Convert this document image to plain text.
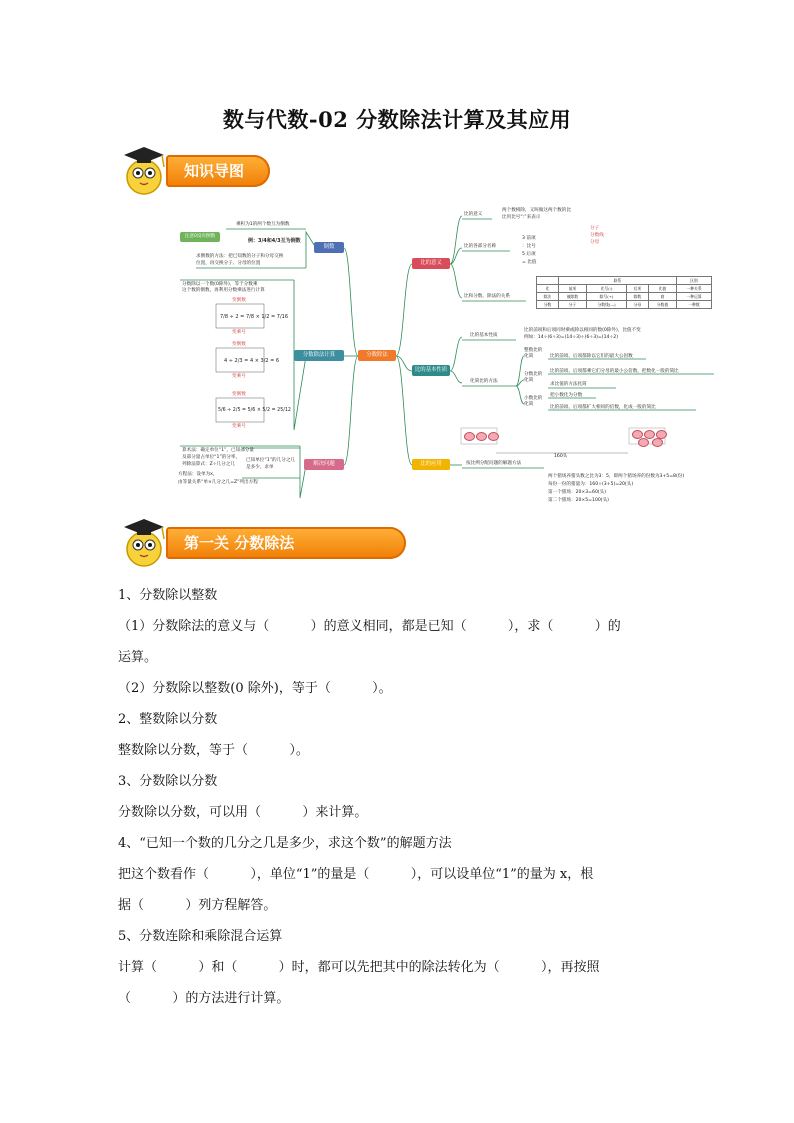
数与代数-02 分数除法计算及其应用
知识导图
分数除法
比的意义
比的基本性质
比的应用
倒数
分数除法计算
解决问题
注意0没有倒数
乘积为1的两个数互为倒数
例：3/4和4/3互为倒数
求倒数的方法：把已知数的分子和分母交换
位置，再交换分子、分母的位置
分数除以一个数(0除外)，等于分数乘
这个数的倒数，再利用分数乘法进行计算
变倒数
7/8 ÷ 2 = 7/8 × 1/2 = 7/16
变乘号
变倒数
4 ÷ 2/3 = 4 × 3/2 = 6
变乘号
变倒数
5/6 ÷ 2/5 = 5/6 × 5/2 = 25/12
变乘号
已知单位“1”的几分之几
是多少，求单
算术法：确定单位“1”，已知部分量
及部分量占单位“1”的分率，
列除法算式：Z÷几分之几
方程法：设单为x，
由等量关系“单×几分之几=Z”列出方程
比的意义
两个数相除，又叫做这两个数的比
比用比号“:”来表示
比的各部分名称
3 前项
：比号
5 后项
= 比值
分子
分数线
分母
比和分数、除法的关系
	联系				区别
比	前项	比号(:)	后项	比值	一种关系
除法	被除数	除号(÷)	除数	商	一种运算
分数	分子	分数线(—)	分母	分数值	一种数
比的基本性质
比的前项和后项同时乘或除以相同的数(0除外)，比值不变
例如：14÷(6÷3)=(14÷3)÷(6÷3)=(14÷2)
化简比的方法
整数比的化简	比的前项、后项都除以它们的最大公因数
分数比的化简
比的前项、后项都乘它们分母的最小公倍数，把数化一般的简比
求比值的方法化简
小数比的化简
把小数化为分数
比的前项、后项都扩大相同的倍数，化成一般的简比
160头
按比例分配问题的解题方法
两个猪场养猪头数之比为3：5，即两个猪场养的份数为3+5=8(份)
每份一份的猪量为：160÷(3+5)=20(头)
第一个猪场：20×3=60(头)
第二个猪场：20×5=100(头)
第一关 分数除法

1、分数除以整数

（1）分数除法的意义与（          ）的意义相同，都是已知（          ），求（          ）的

运算。

（2）分数除以整数(0 除外)，等于（          ）。

2、整数除以分数

整数除以分数，等于（          ）。

3、分数除以分数

分数除以分数，可以用（          ）来计算。

4、“已知一个数的几分之几是多少，求这个数”的解题方法

把这个数看作（          ），单位“1”的量是（          ），可以设单位“1”的量为 x，根

据（          ）列方程解答。

5、分数连除和乘除混合运算

计算（          ）和（          ）时，都可以先把其中的除法转化为（          ），再按照

（          ）的方法进行计算。
